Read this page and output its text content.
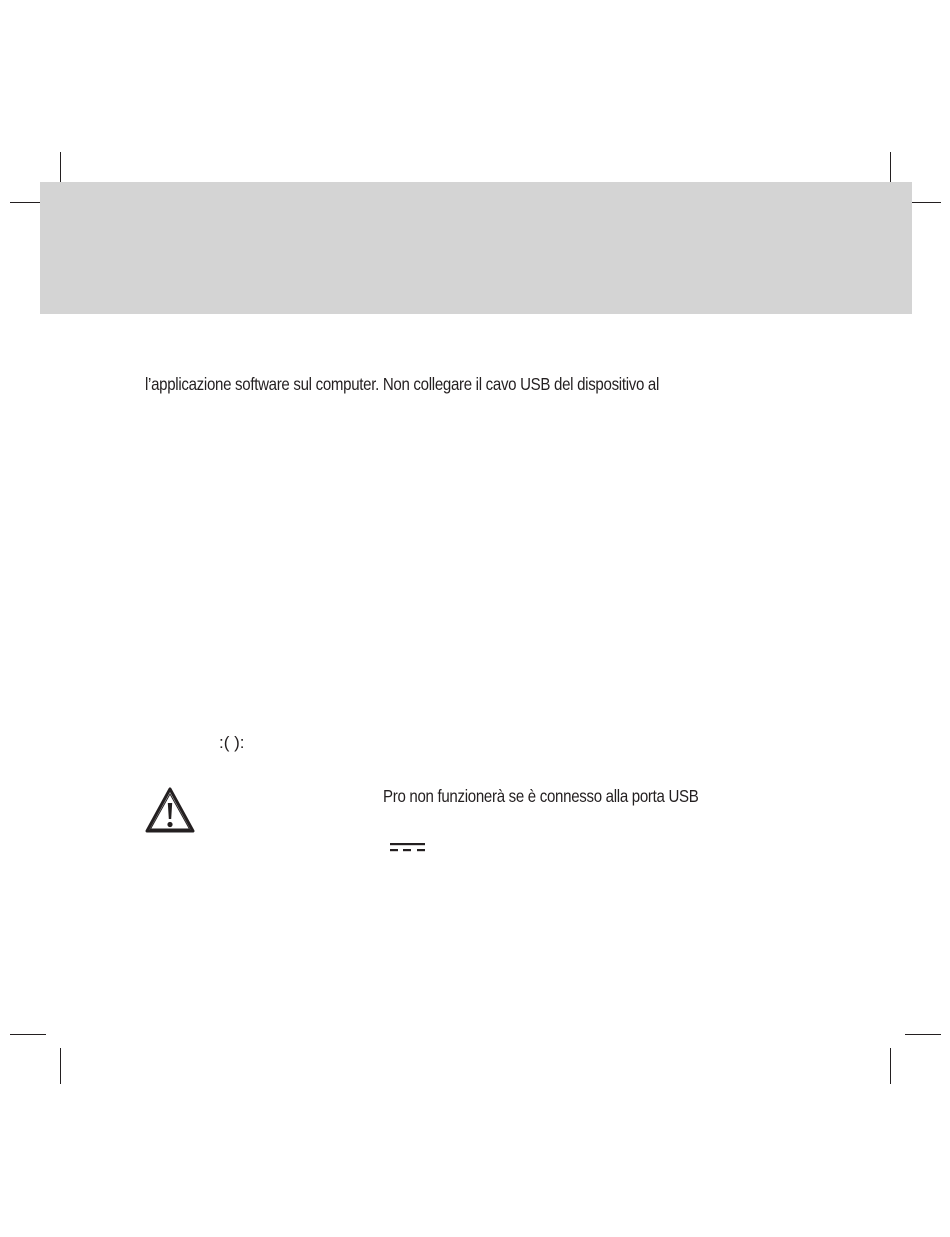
l’applicazione software sul computer. Non collegare il cavo USB del dispositivo al
:( ):
Pro non funzionerà se è connesso alla porta USB
